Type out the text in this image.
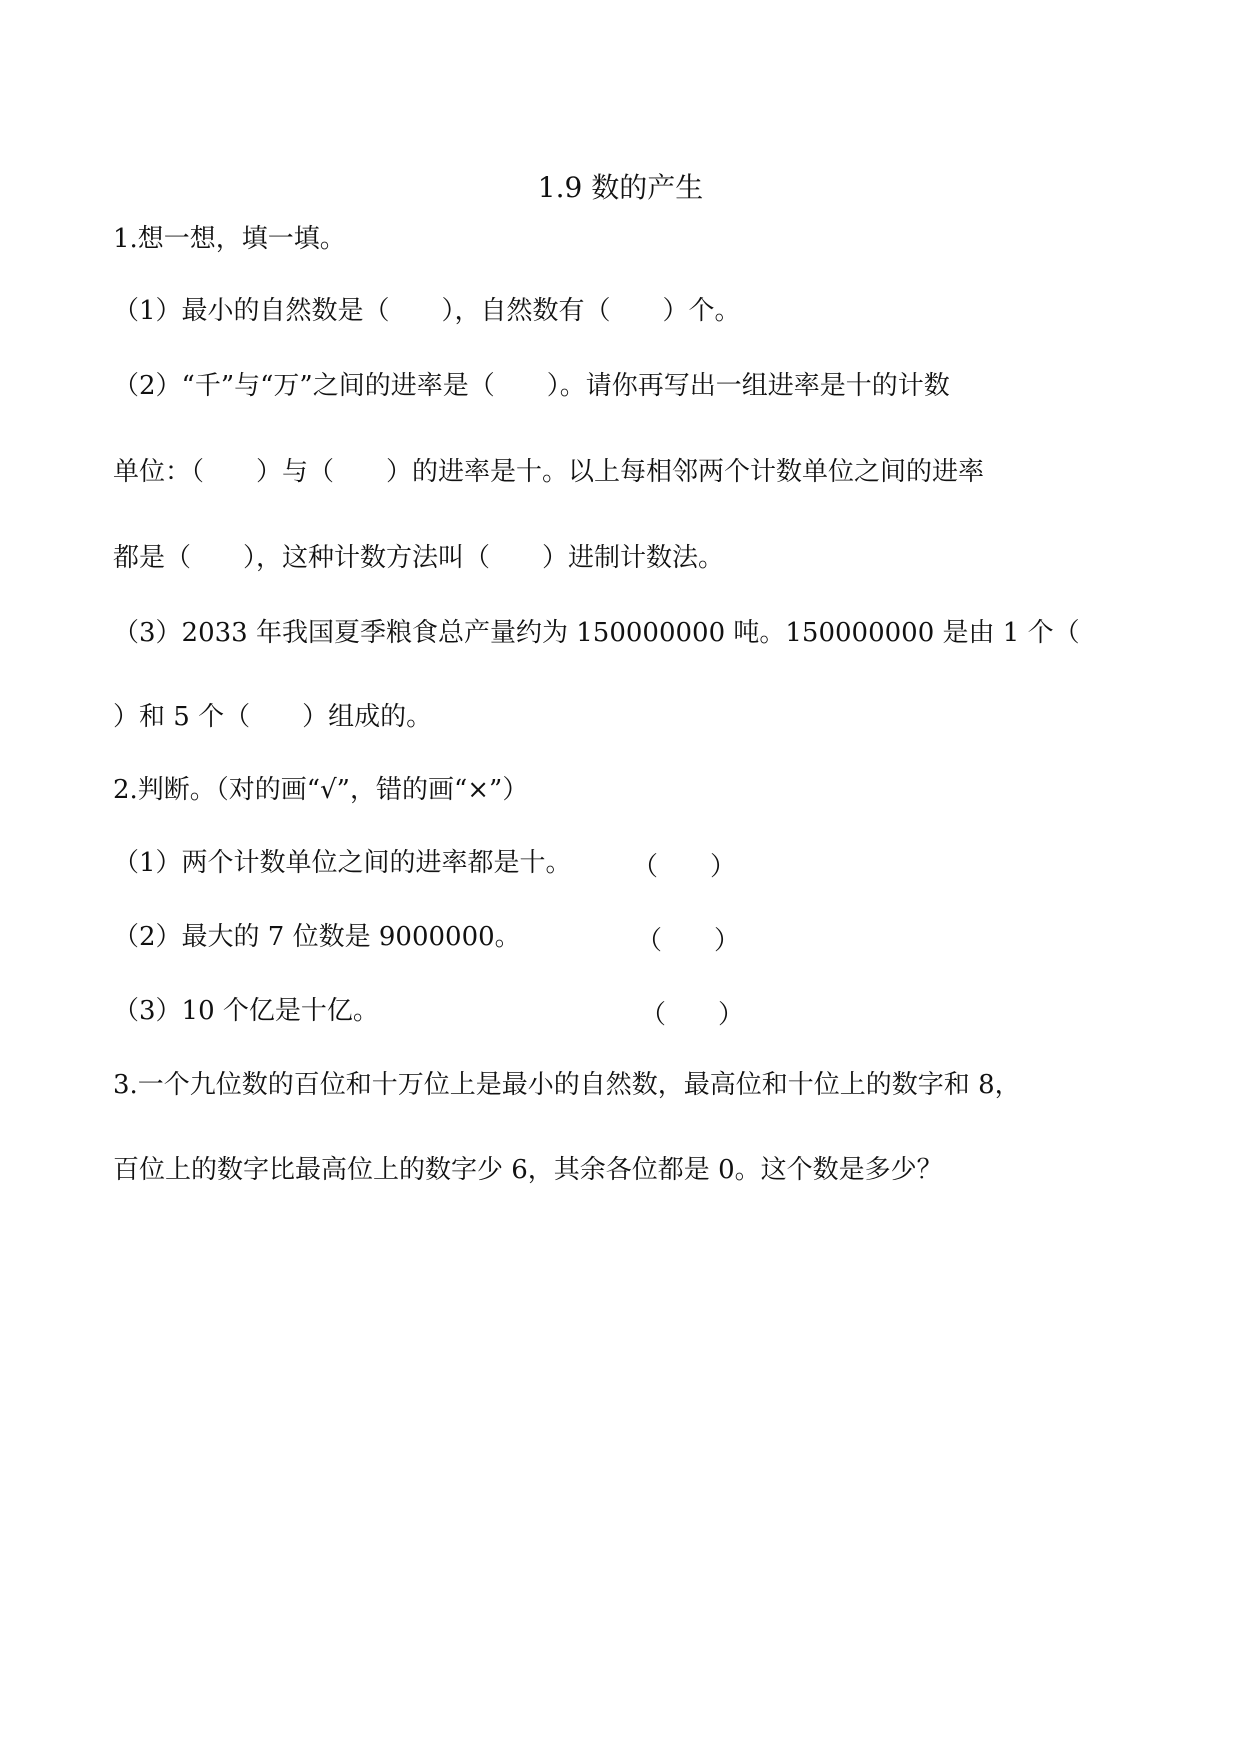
1.9 数的产生
1.想一想，填一填。
（1）最小的自然数是（　　），自然数有（　　）个。
（2）“千”与“万”之间的进率是（　　）。请你再写出一组进率是十的计数
单位：（　　）与（　　）的进率是十。以上每相邻两个计数单位之间的进率
都是（　　），这种计数方法叫（　　）进制计数法。
（3）2033 年我国夏季粮食总产量约为 150000000 吨。150000000 是由 1 个（
）和 5 个（　　）组成的。
2.判断。（对的画“√”，错的画“×”）
（1）两个计数单位之间的进率都是十。 （　　）
（2）最大的 7 位数是 9000000。	（　　）
（3）10 个亿是十亿。	（　　）
3.一个九位数的百位和十万位上是最小的自然数，最高位和十位上的数字和 8，
百位上的数字比最高位上的数字少 6，其余各位都是 0。这个数是多少？
